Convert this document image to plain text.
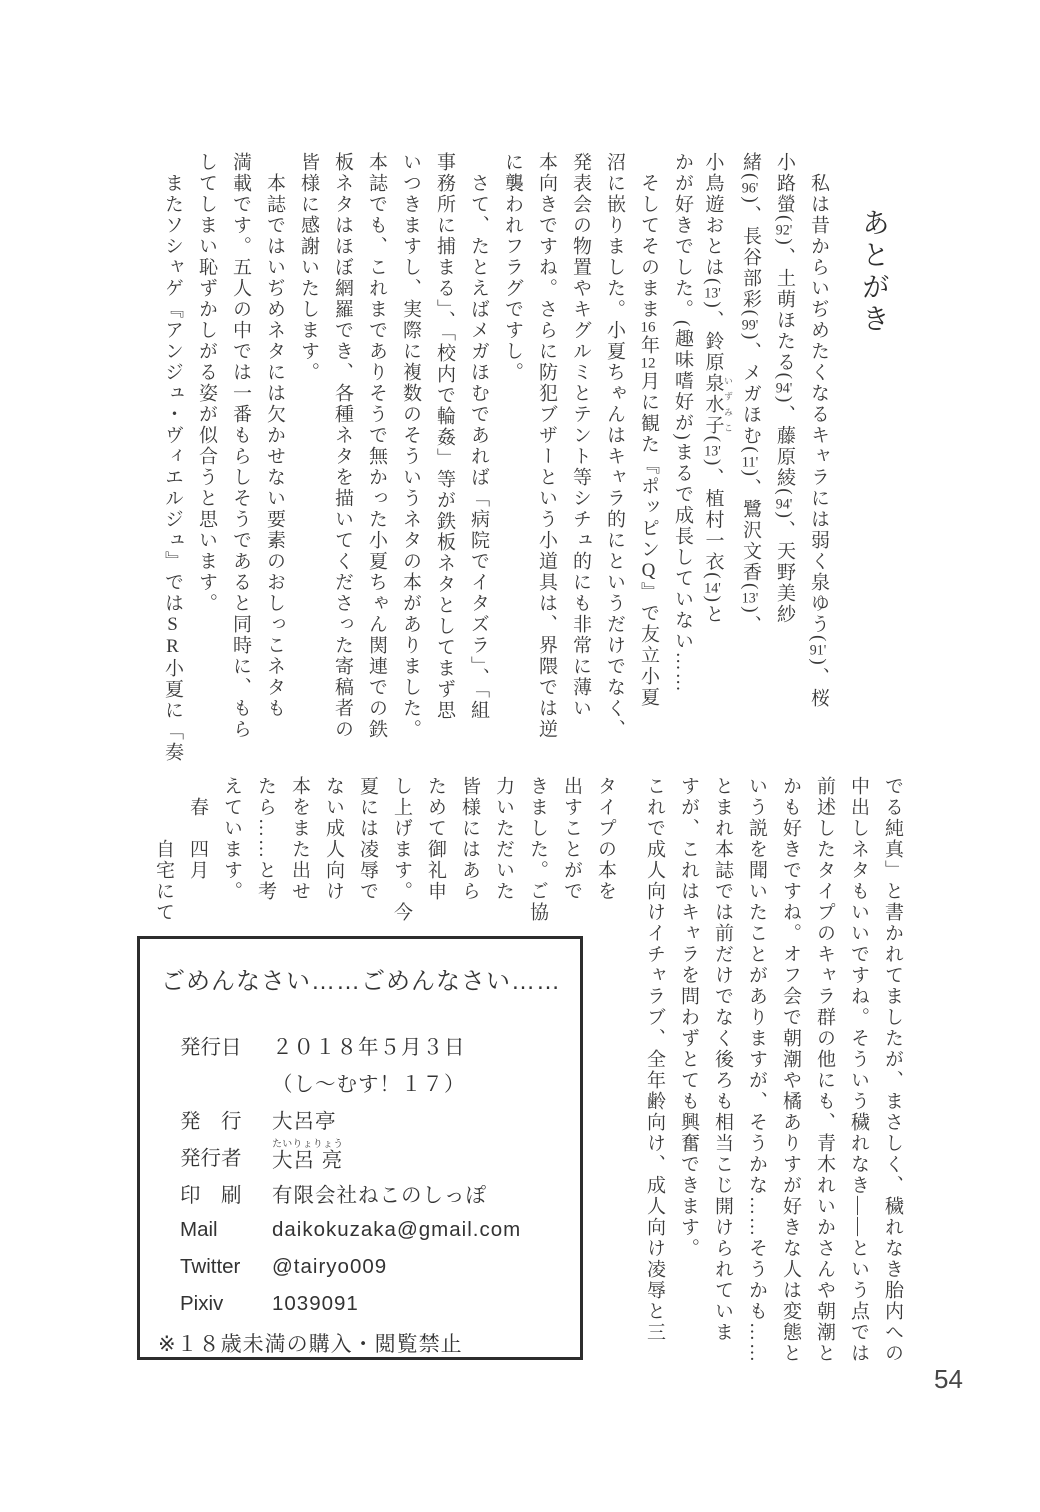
あとがき
　私は昔からいぢめたくなるキャラには弱く泉ゆう(91')、桜
小路螢(92')、土萌ほたる(94')、藤原綾(94')、天野美紗
緒(96')、長谷部彩(99')、メガほむ(11')、鷺沢文香(13')、
小鳥遊おとは(13')、鈴原泉水子 いずみこ(13')、植村一衣(14')と
かが好きでした。(趣味嗜好が)まるで成長していない……
　そしてそのまま16年12月に観た『ポッピンQ』で友立小夏
沼に嵌りました。小夏ちゃんはキャラ的にというだけでなく、
発表会の物置やキグルミとテント等シチュ的にも非常に薄い
本向きですね。さらに防犯ブザーという小道具は、界隈では逆
に襲われフラグですし。
　さて、たとえばメガほむであれば「病院でイタズラ」、「組
事務所に捕まる」、「校内で輪姦」等が鉄板ネタとしてまず思
いつきますし、実際に複数のそういうネタの本がありました。
本誌でも、これまでありそうで無かった小夏ちゃん関連での鉄
板ネタはほぼ網羅でき、各種ネタを描いてくださった寄稿者の
皆様に感謝いたします。
　本誌ではいぢめネタには欠かせない要素のおしっこネタも
満載です。五人の中では一番もらしそうであると同時に、もら
してしまい恥ずかしがる姿が似合うと思います。
　またソシャゲ『アンジュ・ヴィエルジュ』ではSR小夏に「奏
でる純真」と書かれてましたが、まさしく、穢れなき胎内への
中出しネタもいいですね。そういう穢れなき――という点では
前述したタイプのキャラ群の他にも、青木れいかさんや朝潮と
かも好きですね。オフ会で朝潮や橘ありすが好きな人は変態と
いう説を聞いたことがありますが、そうかな……そうかも……
とまれ本誌では前だけでなく後ろも相当こじ開けられていま
すが、これはキャラを問わずとても興奮できます。
これで成人向けイチャラブ、全年齢向け、成人向け凌辱と三
タイプの本を
出すことがで
きました。ご協
力いただいた
皆様にはあら
ためて御礼申
し上げます。今
夏には凌辱で
ない成人向け
本をまた出せ
たら……と考
えています。
　春　四月
　　　自宅にて
ごめんなさい……ごめんなさい……
発行日	２０１８年５月３日
（し～むす！１７）
発　行	大呂亭
発行者	大呂 亮たいりょりょう
印　刷	有限会社ねこのしっぽ
Mail	daikokuzaka@gmail.com
Twitter	@tairyo009
Pixiv	1039091
※１８歳未満の購入・閲覧禁止
54
